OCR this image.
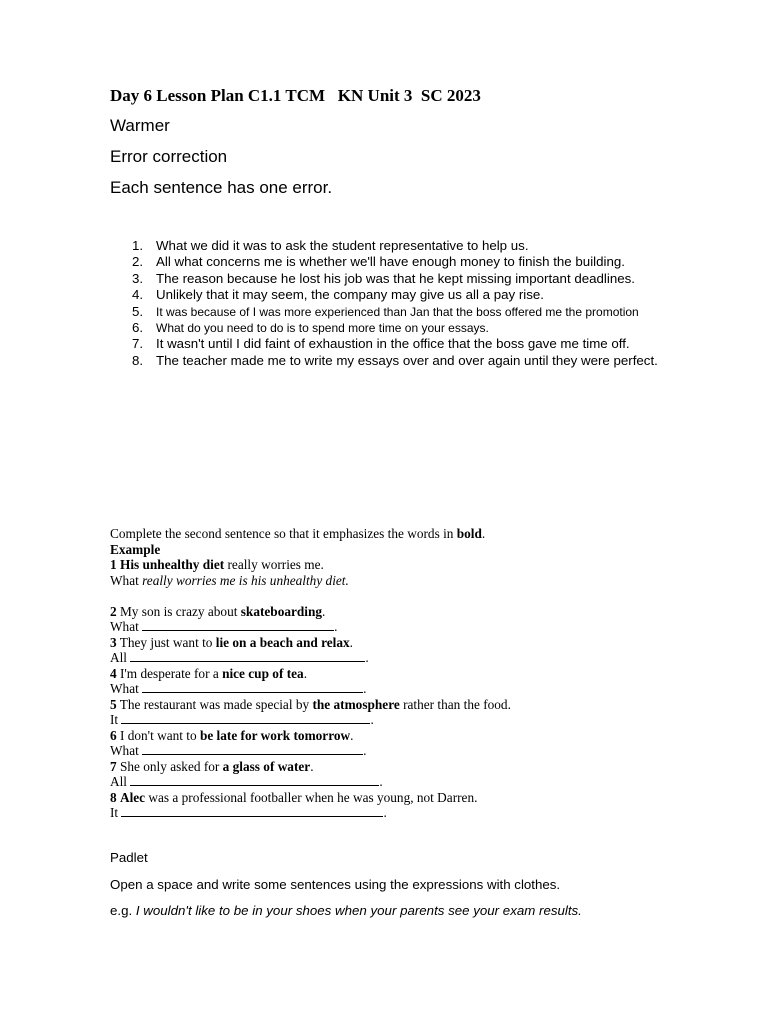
Day 6 Lesson Plan C1.1 TCM   KN Unit 3  SC 2023
Warmer
Error correction
Each sentence has one error.
1. What we did it was to ask the student representative to help us.
2. All what concerns me is whether we'll have enough money to finish the building.
3. The reason because he lost his job was that he kept missing important deadlines.
4. Unlikely that it may seem, the company may give us all a pay rise.
5. It was because of I was more experienced than Jan that the boss offered me the promotion
6. What do you need to do is to spend more time on your essays.
7. It wasn't until I did faint of exhaustion in the office that the boss gave me time off.
8. The teacher made me to write my essays over and over again until they were perfect.
Complete the second sentence so that it emphasizes the words in bold.
Example
1 His unhealthy diet really worries me.
What really worries me is his unhealthy diet.
2 My son is crazy about skateboarding.
What	.
3 They just want to lie on a beach and relax.
All	.
4 I'm desperate for a nice cup of tea.
What	.
5 The restaurant was made special by the atmosphere rather than the food.
It	.
6 I don't want to be late for work tomorrow.
What	.
7 She only asked for a glass of water.
All	.
8 Alec was a professional footballer when he was young, not Darren.
It	.
Padlet
Open a space and write some sentences using the expressions with clothes.
e.g. I wouldn't like to be in your shoes when your parents see your exam results.
